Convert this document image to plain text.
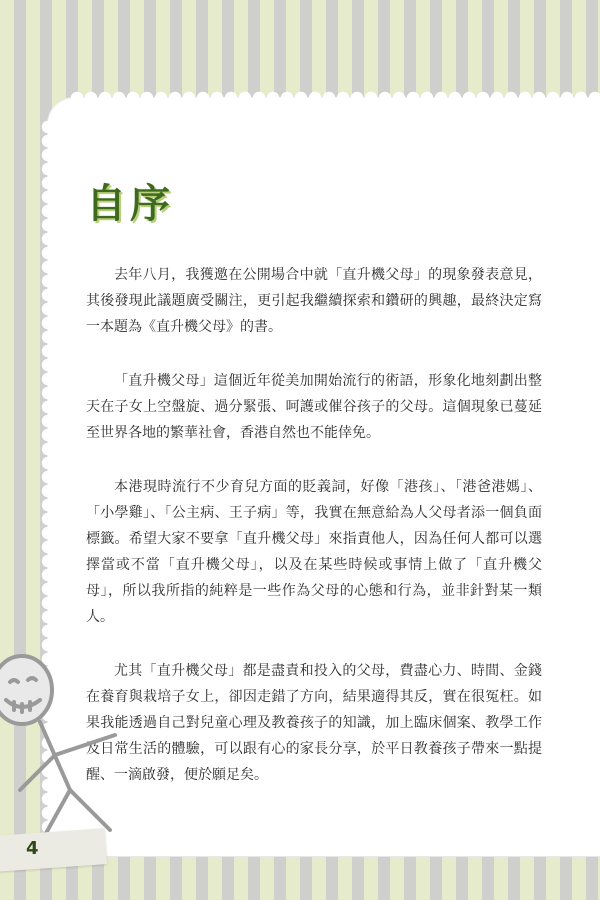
自序

去年八月，我獲邀在公開場合中就「直升機父母」的現象發表意見，其後發現此議題廣受關注，更引起我繼續探索和鑽研的興趣，最終決定寫一本題為《直升機父母》的書。

「直升機父母」這個近年從美加開始流行的術語，形象化地刻劃出整天在子女上空盤旋、過分緊張、呵護或催谷孩子的父母。這個現象已蔓延至世界各地的繁華社會，香港自然也不能倖免。

本港現時流行不少育兒方面的貶義詞，好像「港孩」、「港爸港媽」、「小學雞」、「公主病、王子病」等，我實在無意給為人父母者添一個負面標籤。希望大家不要拿「直升機父母」來指責他人，因為任何人都可以選擇當或不當「直升機父母」，以及在某些時候或事情上做了「直升機父母」，所以我所指的純粹是一些作為父母的心態和行為，並非針對某一類人。

尤其「直升機父母」都是盡責和投入的父母，費盡心力、時間、金錢在養育與栽培子女上，卻因走錯了方向，結果適得其反，實在很冤枉。如果我能透過自己對兒童心理及教養孩子的知識，加上臨床個案、教學工作及日常生活的體驗，可以跟有心的家長分享，於平日教養孩子帶來一點提醒、一滴啟發，便於願足矣。

4
